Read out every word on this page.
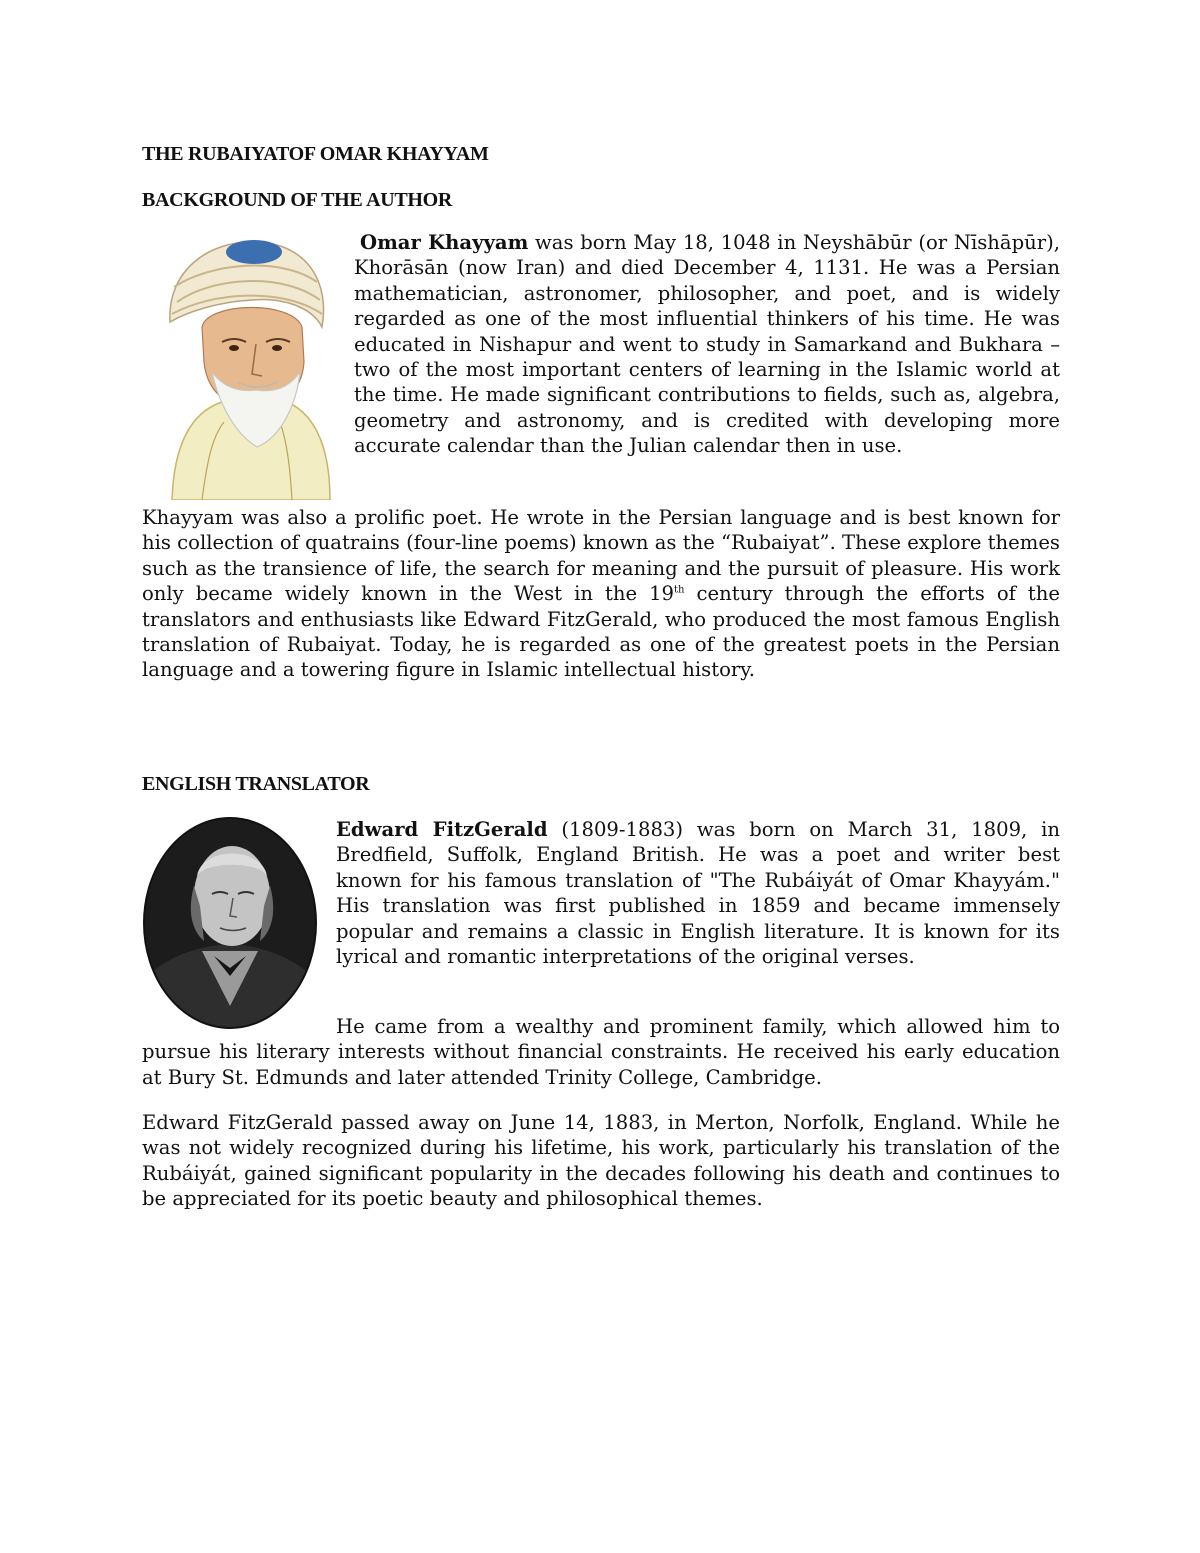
THE RUBAIYATOF OMAR KHAYYAM
BACKGROUND OF THE AUTHOR

Omar Khayyam was born May 18, 1048 in Neyshābūr (or Nīshāpūr), Khorāsān (now Iran) and died December 4, 1131. He was a Persian mathematician, astronomer, philosopher, and poet, and is widely regarded as one of the most influential thinkers of his time. He was educated in Nishapur and went to study in Samarkand and Bukhara – two of the most important centers of learning in the Islamic world at the time. He made significant contributions to fields, such as, algebra, geometry and astronomy, and is credited with developing more accurate calendar than the Julian calendar then in use.

Khayyam was also a prolific poet. He wrote in the Persian language and is best known for his collection of quatrains (four-line poems) known as the “Rubaiyat”. These explore themes such as the transience of life, the search for meaning and the pursuit of pleasure. His work only became widely known in the West in the 19th century through the efforts of the translators and enthusiasts like Edward FitzGerald, who produced the most famous English translation of Rubaiyat. Today, he is regarded as one of the greatest poets in the Persian language and a towering figure in Islamic intellectual history.

ENGLISH TRANSLATOR

Edward FitzGerald (1809-1883) was born on March 31, 1809, in Bredfield, Suffolk, England British. He was a poet and writer best known for his famous translation of "The Rubáiyát of Omar Khayyám." His translation was first published in 1859 and became immensely popular and remains a classic in English literature. It is known for its lyrical and romantic interpretations of the original verses.

He came from a wealthy and prominent family, which allowed him to pursue his literary interests without financial constraints. He received his early education at Bury St. Edmunds and later attended Trinity College, Cambridge.

Edward FitzGerald passed away on June 14, 1883, in Merton, Norfolk, England. While he was not widely recognized during his lifetime, his work, particularly his translation of the Rubáiyát, gained significant popularity in the decades following his death and continues to be appreciated for its poetic beauty and philosophical themes.
